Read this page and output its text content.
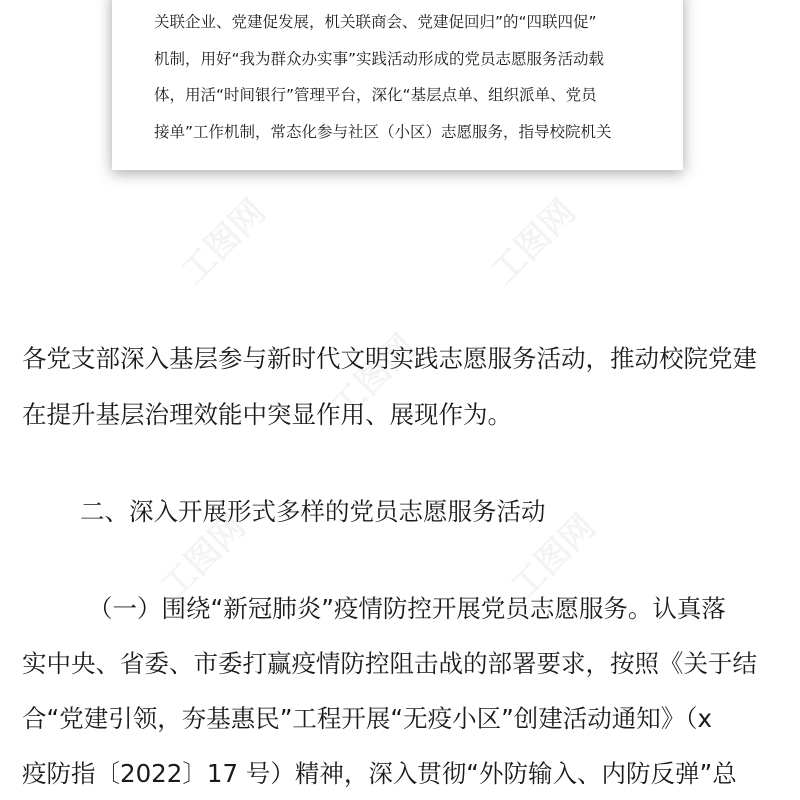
关联企业、党建促发展，机关联商会、党建促回归”的“四联四促”
机制，用好“我为群众办实事”实践活动形成的党员志愿服务活动载
体，用活“时间银行”管理平台，深化“基层点单、组织派单、党员
接单”工作机制，常态化参与社区（小区）志愿服务，指导校院机关
各党支部深入基层参与新时代文明实践志愿服务活动，推动校院党建
在提升基层治理效能中突显作用、展现作为。
二、深入开展形式多样的党员志愿服务活动
（一）围绕“新冠肺炎”疫情防控开展党员志愿服务。认真落
实中央、省委、市委打赢疫情防控阻击战的部署要求，按照《关于结
合“党建引领，夯基惠民”工程开展“无疫小区”创建活动通知》（x
疫防指〔2022〕17 号）精神，深入贯彻“外防输入、内防反弹”总
